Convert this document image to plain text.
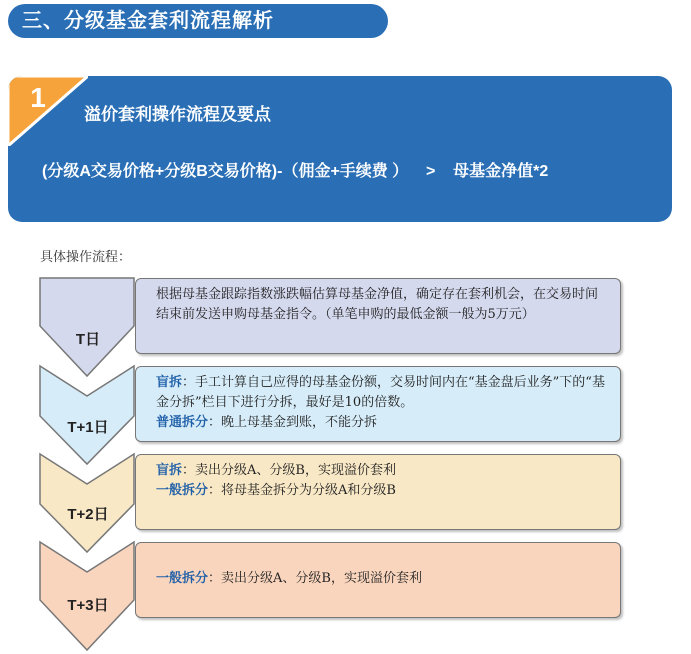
三、分级基金套利流程解析
1
溢价套利操作流程及要点
(分级A交易价格+分级B交易价格)-（佣金+手续费 ）    >    母基金净值*2
具体操作流程：
T日
T+1日
T+2日
T+3日
根据母基金跟踪指数涨跌幅估算母基金净值，确定存在套利机会，在交易时间结束前发送申购母基金指令。（单笔申购的最低金额一般为5万元）
盲拆：手工计算自己应得的母基金份额，交易时间内在“基金盘后业务”下的“基金分拆”栏目下进行分拆，最好是10的倍数。
普通拆分：晚上母基金到账，不能分拆
盲拆：卖出分级A、分级B，实现溢价套利
一般拆分：将母基金拆分为分级A和分级B
一般拆分：卖出分级A、分级B，实现溢价套利
